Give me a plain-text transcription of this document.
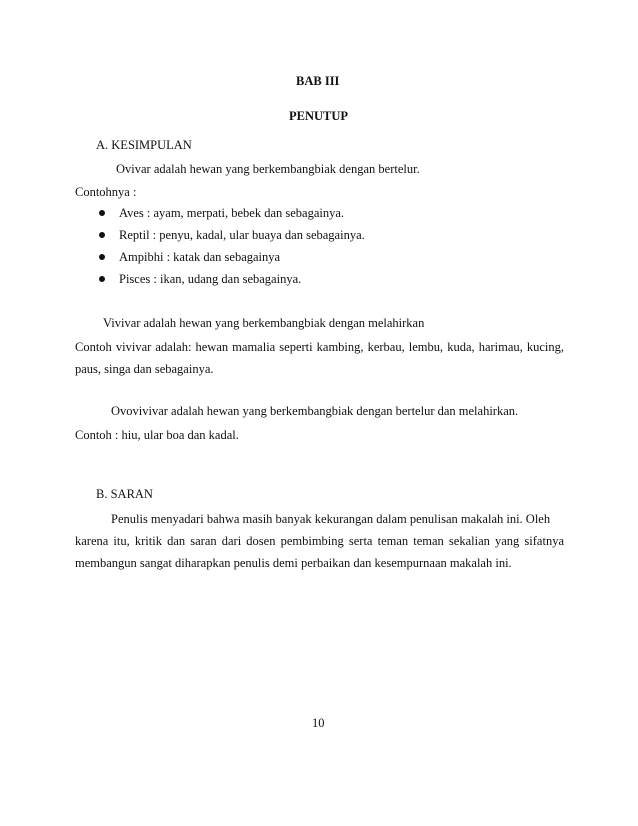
BAB III
PENUTUP
A. KESIMPULAN
Ovivar adalah hewan yang berkembangbiak dengan bertelur.
Contohnya :
Aves : ayam, merpati, bebek dan sebagainya.
Reptil : penyu, kadal, ular buaya dan sebagainya.
Ampibhi : katak dan sebagainya
Pisces : ikan, udang dan sebagainya.
Vivivar adalah hewan yang berkembangbiak dengan melahirkan
Contoh vivivar adalah: hewan mamalia seperti kambing, kerbau, lembu, kuda, harimau, kucing,
paus, singa dan sebagainya.
Ovovivivar adalah hewan yang berkembangbiak dengan bertelur dan melahirkan.
Contoh : hiu, ular boa dan kadal.
B. SARAN
Penulis menyadari bahwa masih banyak kekurangan dalam penulisan makalah ini. Oleh
karena itu, kritik dan saran dari dosen pembimbing serta teman teman sekalian yang sifatnya
membangun sangat diharapkan penulis demi perbaikan dan kesempurnaan makalah ini.
10
